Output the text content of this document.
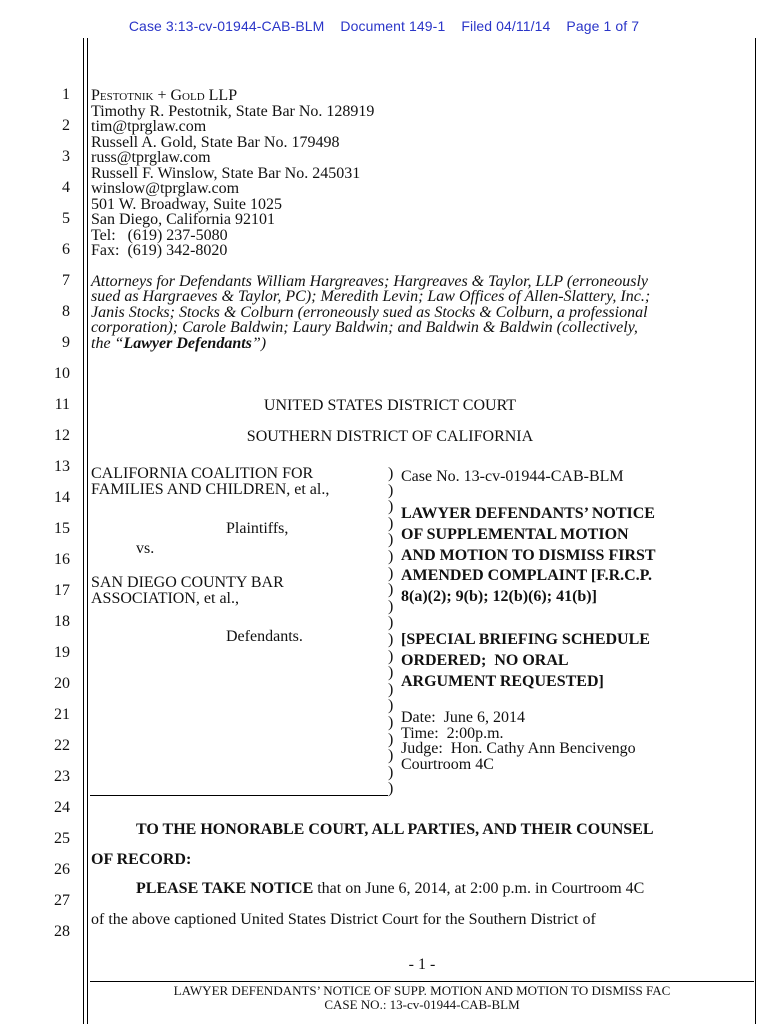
Case 3:13-cv-01944-CAB-BLM Document 149-1 Filed 04/11/14 Page 1 of 7
1
2
3
4
5
6
7
8
9
10
11
12
13
14
15
16
17
18
19
20
21
22
23
24
25
26
27
28
Pestotnik + Gold LLP
Timothy R. Pestotnik, State Bar No. 128919
tim@tprglaw.com
Russell A. Gold, State Bar No. 179498
russ@tprglaw.com
Russell F. Winslow, State Bar No. 245031
winslow@tprglaw.com
501 W. Broadway, Suite 1025
San Diego, California 92101
Tel:   (619) 237-5080
Fax:  (619) 342-8020
Attorneys for Defendants William Hargreaves; Hargreaves & Taylor, LLP (erroneously
sued as Hargraeves & Taylor, PC); Meredith Levin; Law Offices of Allen-Slattery, Inc.;
Janis Stocks; Stocks & Colburn (erroneously sued as Stocks & Colburn, a professional
corporation); Carole Baldwin; Laury Baldwin; and Baldwin & Baldwin (collectively,
the “Lawyer Defendants”)
UNITED STATES DISTRICT COURT
SOUTHERN DISTRICT OF CALIFORNIA
CALIFORNIA COALITION FOR
FAMILIES AND CHILDREN, et al.,
Plaintiffs,
vs.
SAN DIEGO COUNTY BAR
ASSOCIATION, et al.,
Defendants.
)
)
)
)
)
)
)
)
)
)
)
)
)
)
)
)
)
)
)
)
Case No. 13-cv-01944-CAB-BLM
LAWYER DEFENDANTS’ NOTICE
OF SUPPLEMENTAL MOTION
AND MOTION TO DISMISS FIRST
AMENDED COMPLAINT [F.R.C.P.
8(a)(2); 9(b); 12(b)(6); 41(b)]
[SPECIAL BRIEFING SCHEDULE
ORDERED;  NO ORAL
ARGUMENT REQUESTED]
Date:  June 6, 2014
Time:  2:00p.m.
Judge:  Hon. Cathy Ann Bencivengo
Courtroom 4C
TO THE HONORABLE COURT, ALL PARTIES, AND THEIR COUNSEL
OF RECORD:
PLEASE TAKE NOTICE that on June 6, 2014, at 2:00 p.m. in Courtroom 4C
of the above captioned United States District Court for the Southern District of
- 1 -
LAWYER DEFENDANTS’ NOTICE OF SUPP. MOTION AND MOTION TO DISMISS FAC
CASE NO.: 13-cv-01944-CAB-BLM
